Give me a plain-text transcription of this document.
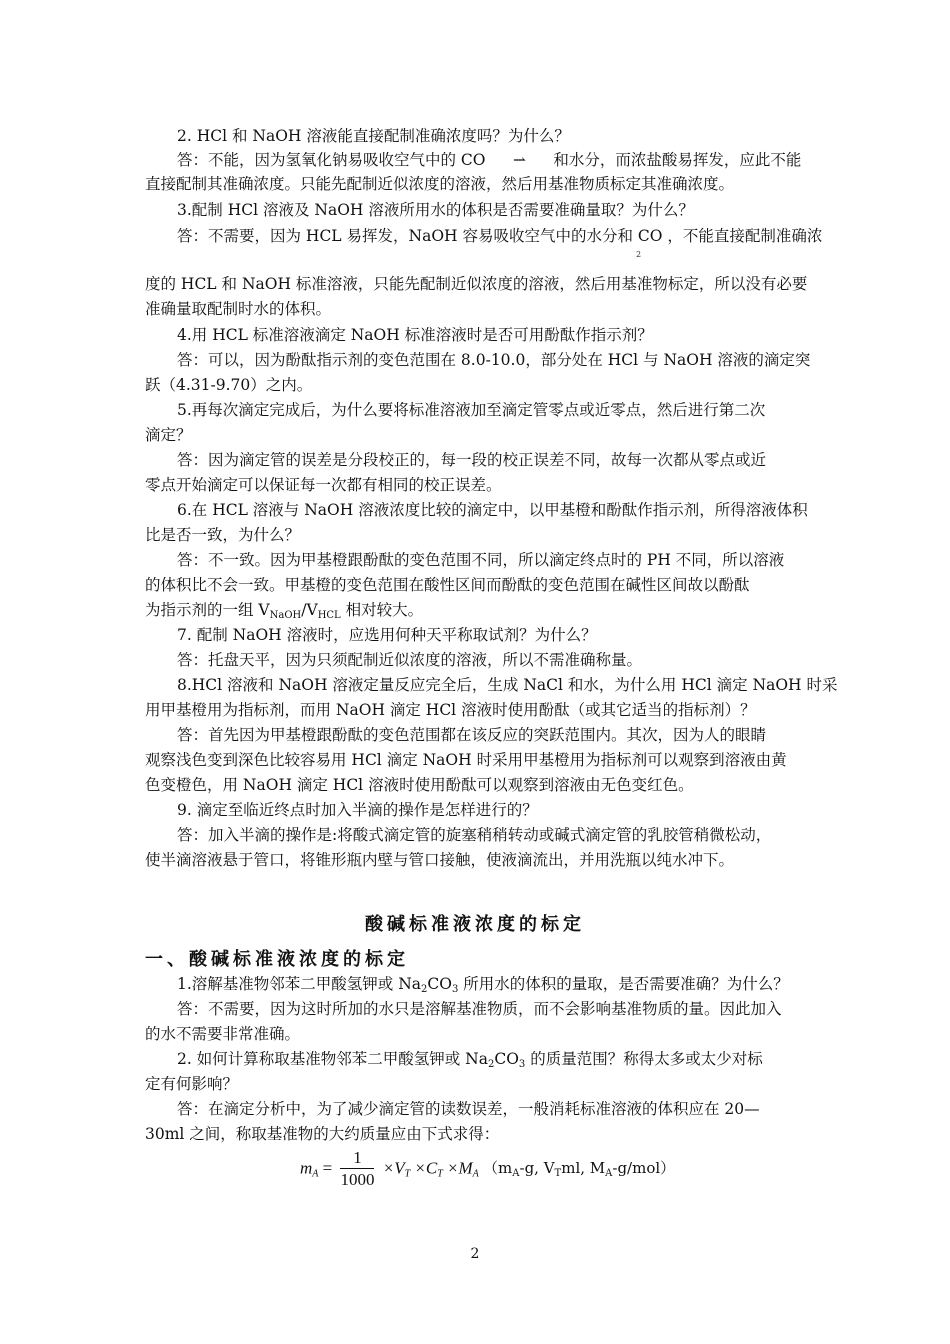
2. HCl 和 NaOH 溶液能直接配制准确浓度吗？为什么？
答：不能，因为氢氧化钠易吸收空气中的 CO ⇀ 和水分，而浓盐酸易挥发，应此不能
直接配制其准确浓度。只能先配制近似浓度的溶液，然后用基准物质标定其准确浓度。
3.配制 HCl 溶液及 NaOH 溶液所用水的体积是否需要准确量取？为什么？
答：不需要，因为 HCL 易挥发，NaOH 容易吸收空气中的水分和 CO ，不能直接配制准确浓
2
度的 HCL 和 NaOH 标准溶液，只能先配制近似浓度的溶液，然后用基准物标定，所以没有必要
准确量取配制时水的体积。
4.用 HCL 标准溶液滴定 NaOH 标准溶液时是否可用酚酞作指示剂？
答：可以，因为酚酞指示剂的变色范围在 8.0-10.0，部分处在 HCl 与 NaOH 溶液的滴定突
跃（4.31-9.70）之内。
5.再每次滴定完成后，为什么要将标准溶液加至滴定管零点或近零点，然后进行第二次
滴定？
答：因为滴定管的误差是分段校正的，每一段的校正误差不同，故每一次都从零点或近
零点开始滴定可以保证每一次都有相同的校正误差。
6.在 HCL 溶液与 NaOH 溶液浓度比较的滴定中，以甲基橙和酚酞作指示剂，所得溶液体积
比是否一致，为什么？
答：不一致。因为甲基橙跟酚酞的变色范围不同，所以滴定终点时的 PH 不同，所以溶液
的体积比不会一致。甲基橙的变色范围在酸性区间而酚酞的变色范围在碱性区间故以酚酞
为指示剂的一组 $V_{NaOH}/V_{HCL}$ 相对较大。
7. 配制 NaOH 溶液时，应选用何种天平称取试剂？为什么？
答：托盘天平，因为只须配制近似浓度的溶液，所以不需准确称量。
8.HCl 溶液和 NaOH 溶液定量反应完全后，生成 NaCl 和水，为什么用 HCl 滴定 NaOH 时采
用甲基橙用为指标剂，而用 NaOH 滴定 HCl 溶液时使用酚酞（或其它适当的指标剂）？
答：首先因为甲基橙跟酚酞的变色范围都在该反应的突跃范围内。其次，因为人的眼睛
观察浅色变到深色比较容易用 HCl 滴定 NaOH 时采用甲基橙用为指标剂可以观察到溶液由黄
色变橙色，用 NaOH 滴定 HCl 溶液时使用酚酞可以观察到溶液由无色变红色。
9. 滴定至临近终点时加入半滴的操作是怎样进行的？
答：加入半滴的操作是:将酸式滴定管的旋塞稍稍转动或碱式滴定管的乳胶管稍微松动，
使半滴溶液悬于管口，将锥形瓶内壁与管口接触，使液滴流出，并用洗瓶以纯水冲下。
酸碱标准液浓度的标定
一、酸碱标准液浓度的标定
1.溶解基准物邻苯二甲酸氢钾或 $Na_2CO_3$ 所用水的体积的量取，是否需要准确？为什么？
答：不需要，因为这时所加的水只是溶解基准物质，而不会影响基准物质的量。因此加入
的水不需要非常准确。
2. 如何计算称取基准物邻苯二甲酸氢钾或 $Na_2CO_3$ 的质量范围？称得太多或太少对标
定有何影响？
答：在滴定分析中，为了减少滴定管的读数误差，一般消耗标准溶液的体积应在 20—
30ml 之间，称取基准物的大约质量应由下式求得：
$m_A = \frac{1}{1000} \times V_T \times C_T \times M_A$ （$m_A-g$, $V_Tml$, $M_A-g/mol$）
2
